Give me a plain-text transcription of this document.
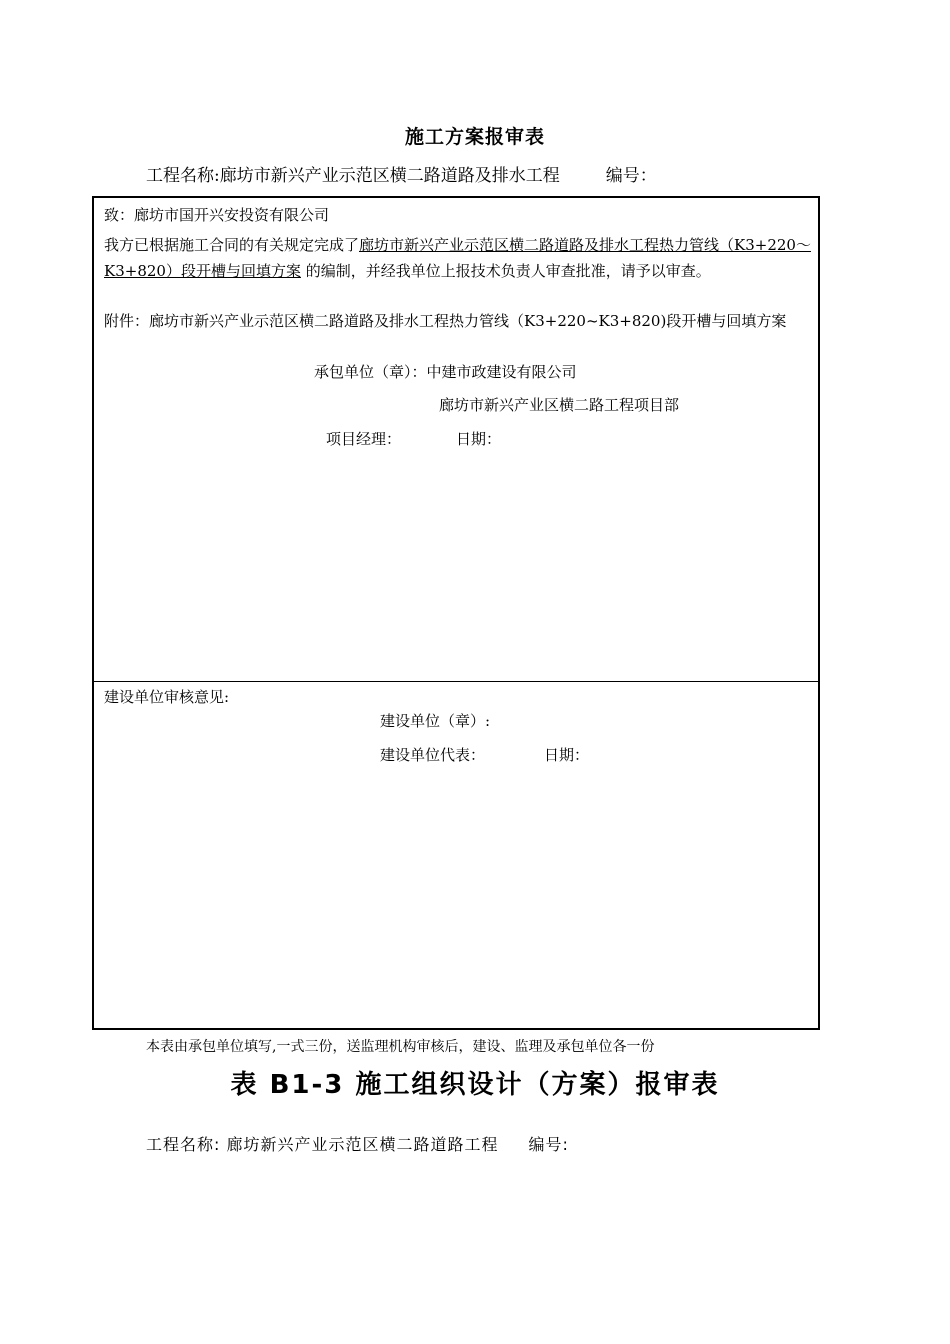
施工方案报审表
工程名称:廊坊市新兴产业示范区横二路道路及排水工程	编号：
致：廊坊市国开兴安投资有限公司
我方已根据施工合同的有关规定完成了廊坊市新兴产业示范区横二路道路及排水工程热力管线（K3+220～K3+820）段开槽与回填方案 的编制，并经我单位上报技术负责人审查批准，请予以审查。
附件：廊坊市新兴产业示范区横二路道路及排水工程热力管线（K3+220~K3+820)段开槽与回填方案
承包单位（章）：中建市政建设有限公司
廊坊市新兴产业区横二路工程项目部
项目经理：	日期：
建设单位审核意见:
建设单位（章）:
建设单位代表：	日期：
本表由承包单位填写,一式三份，送监理机构审核后，建设、监理及承包单位各一份
表 B1-3 施工组织设计（方案）报审表
工程名称: 廊坊新兴产业示范区横二路道路工程 编号:
